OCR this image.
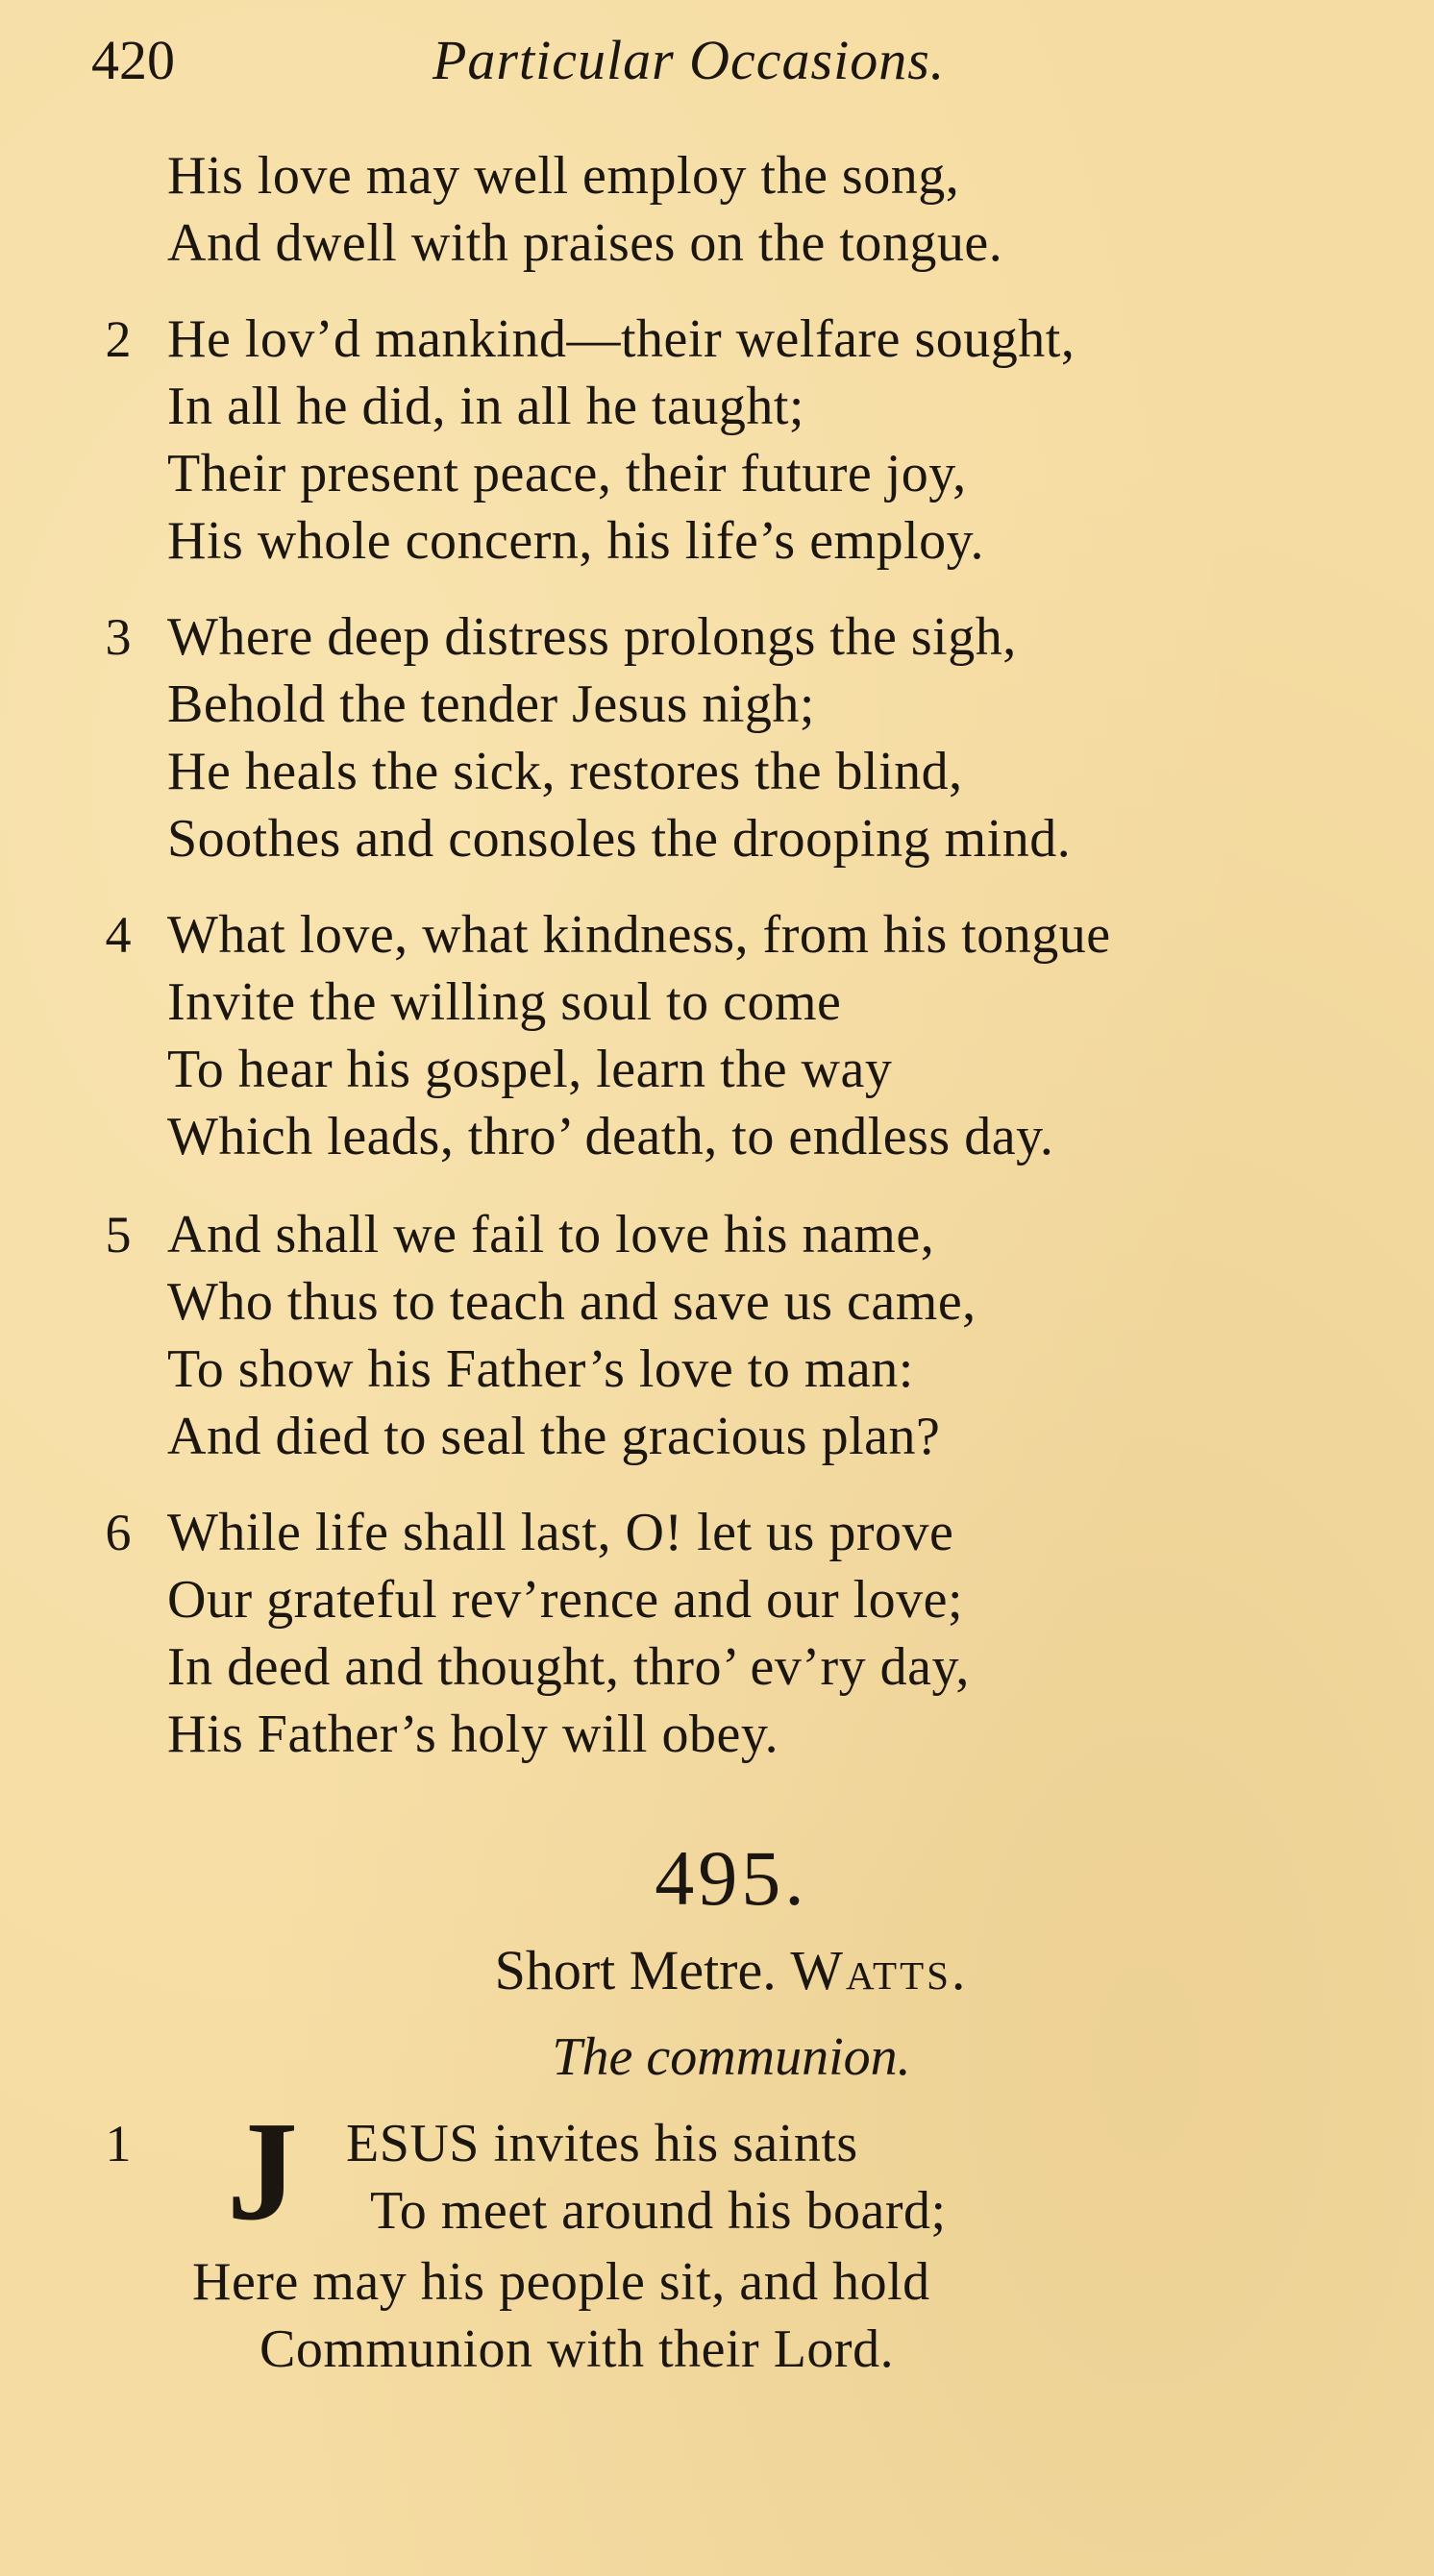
420	Particular Occasions.
His love may well employ the song,
And dwell with praises on the tongue.
2 He lov’d mankind—their welfare sought,
In all he did, in all he taught;
Their present peace, their future joy,
His whole concern, his life’s employ.
3 Where deep distress prolongs the sigh,
Behold the tender Jesus nigh;
He heals the sick, restores the blind,
Soothes and consoles the drooping mind.
4 What love, what kindness, from his tongue
Invite the willing soul to come
To hear his gospel, learn the way
Which leads, thro’ death, to endless day.
5 And shall we fail to love his name,
Who thus to teach and save us came,
To show his Father’s love to man:
And died to seal the gracious plan?
6 While life shall last, O! let us prove
Our grateful rev’rence and our love;
In deed and thought, thro’ ev’ry day,
His Father’s holy will obey.
495.
Short Metre. Watts.
The communion.
1 J ESUS invites his saints
To meet around his board;
Here may his people sit, and hold
Communion with their Lord.
